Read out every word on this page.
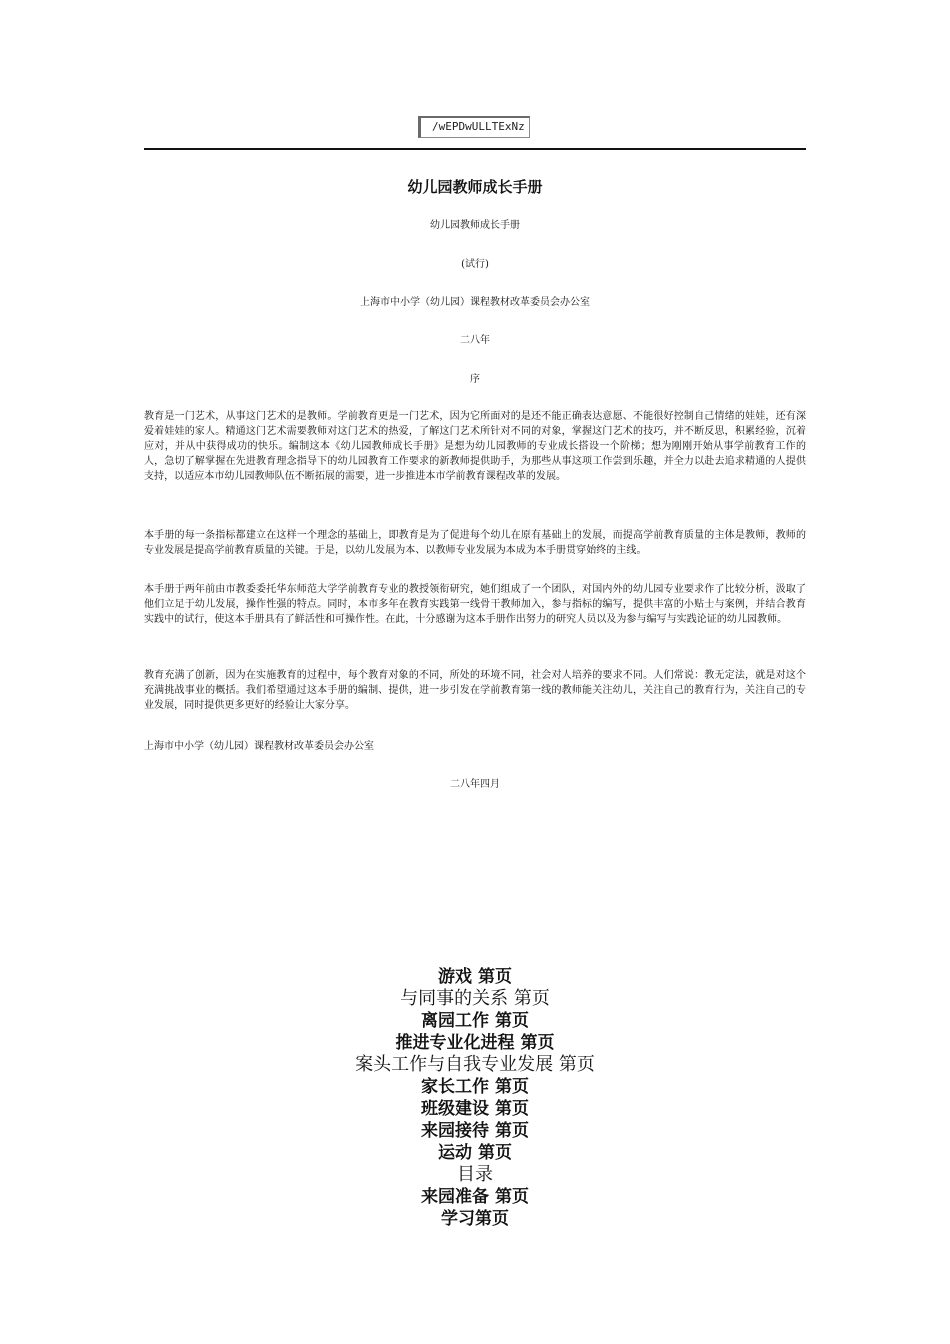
/wEPDwULLTExNz
幼儿园教师成长手册
幼儿园教师成长手册
(试行)
上海市中小学（幼儿园）课程教材改革委员会办公室
二八年
序
教育是一门艺术，从事这门艺术的是教师。学前教育更是一门艺术，因为它所面对的是还不能正确表达意愿、不能很好控制自己情绪的娃娃，还有深爱着娃娃的家人。精通这门艺术需要教师对这门艺术的热爱，了解这门艺术所针对不同的对象，掌握这门艺术的技巧，并不断反思，积累经验，沉着应对，并从中获得成功的快乐。编制这本《幼儿园教师成长手册》是想为幼儿园教师的专业成长搭设一个阶梯；想为刚刚开始从事学前教育工作的人，急切了解掌握在先进教育理念指导下的幼儿园教育工作要求的新教师提供助手，为那些从事这项工作尝到乐趣，并全力以赴去追求精通的人提供支持，以适应本市幼儿园教师队伍不断拓展的需要，进一步推进本市学前教育课程改革的发展。
本手册的每一条指标都建立在这样一个理念的基础上，即教育是为了促进每个幼儿在原有基础上的发展，而提高学前教育质量的主体是教师，教师的专业发展是提高学前教育质量的关键。于是，以幼儿发展为本、以教师专业发展为本成为本手册贯穿始终的主线。
本手册于两年前由市教委委托华东师范大学学前教育专业的教授领衔研究，她们组成了一个团队，对国内外的幼儿园专业要求作了比较分析，汲取了他们立足于幼儿发展，操作性强的特点。同时，本市多年在教育实践第一线骨干教师加入，参与指标的编写，提供丰富的小贴士与案例，并结合教育实践中的试行，使这本手册具有了鲜活性和可操作性。在此，十分感谢为这本手册作出努力的研究人员以及为参与编写与实践论证的幼儿园教师。
教育充满了创新，因为在实施教育的过程中，每个教育对象的不同，所处的环境不同，社会对人培养的要求不同。人们常说：教无定法，就是对这个充满挑战事业的概括。我们希望通过这本手册的编制、提供，进一步引发在学前教育第一线的教师能关注幼儿，关注自己的教育行为，关注自己的专业发展，同时提供更多更好的经验让大家分享。
上海市中小学（幼儿园）课程教材改革委员会办公室
二八年四月
游戏 第页
与同事的关系 第页
离园工作 第页
推进专业化进程 第页
案头工作与自我专业发展 第页
家长工作 第页
班级建设 第页
来园接待 第页
运动 第页
目录
来园准备 第页
学习第页
